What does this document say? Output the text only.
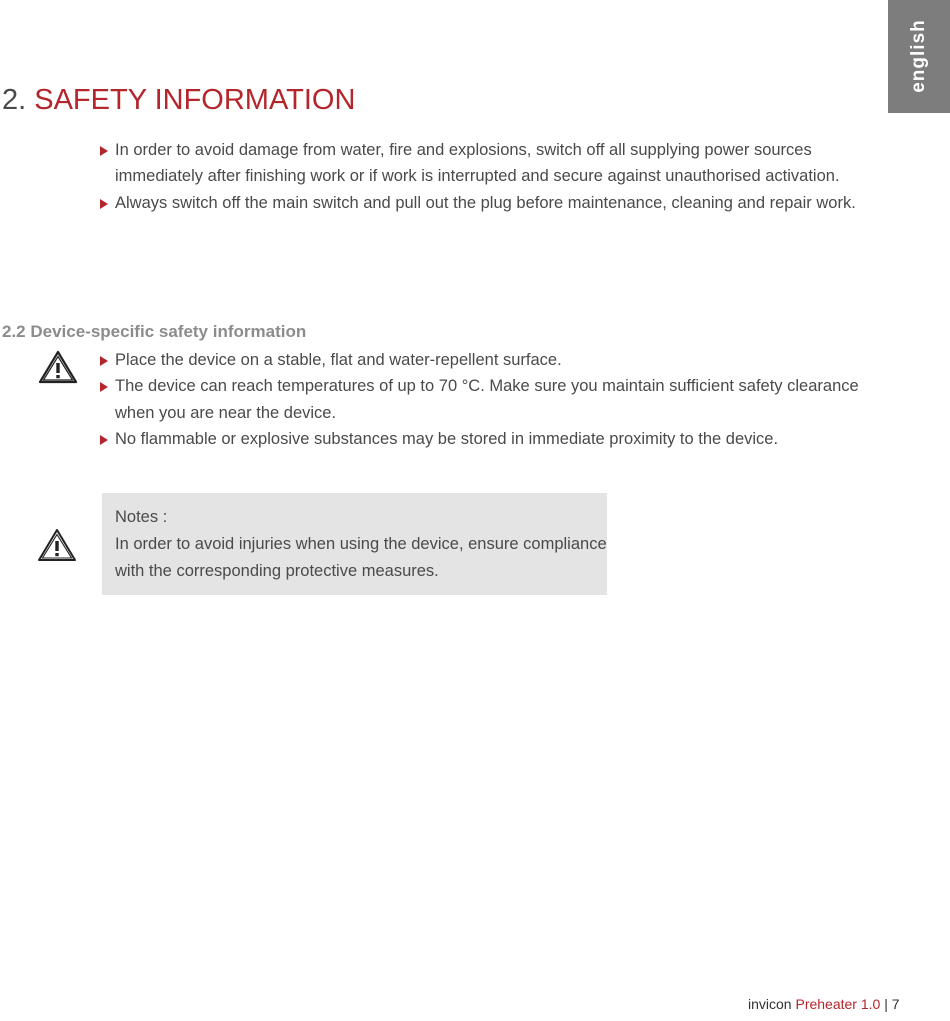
english
2. SAFETY INFORMATION
In order to avoid damage from water, fire and explosions, switch off all supplying power sources
immediately after finishing work or if work is interrupted and secure against unauthorised activation.
Always switch off the main switch and pull out the plug before maintenance, cleaning and repair work.
2.2 Device-specific safety information
Place the device on a stable, flat and water-repellent surface.
The device can reach temperatures of up to 70 °C. Make sure you maintain sufficient safety clearance
when you are near the device.
No flammable or explosive substances may be stored in immediate proximity to the device.
Notes :
In order to avoid injuries when using the device, ensure compliance
with the corresponding protective measures.
invicon Preheater 1.0 | 7
